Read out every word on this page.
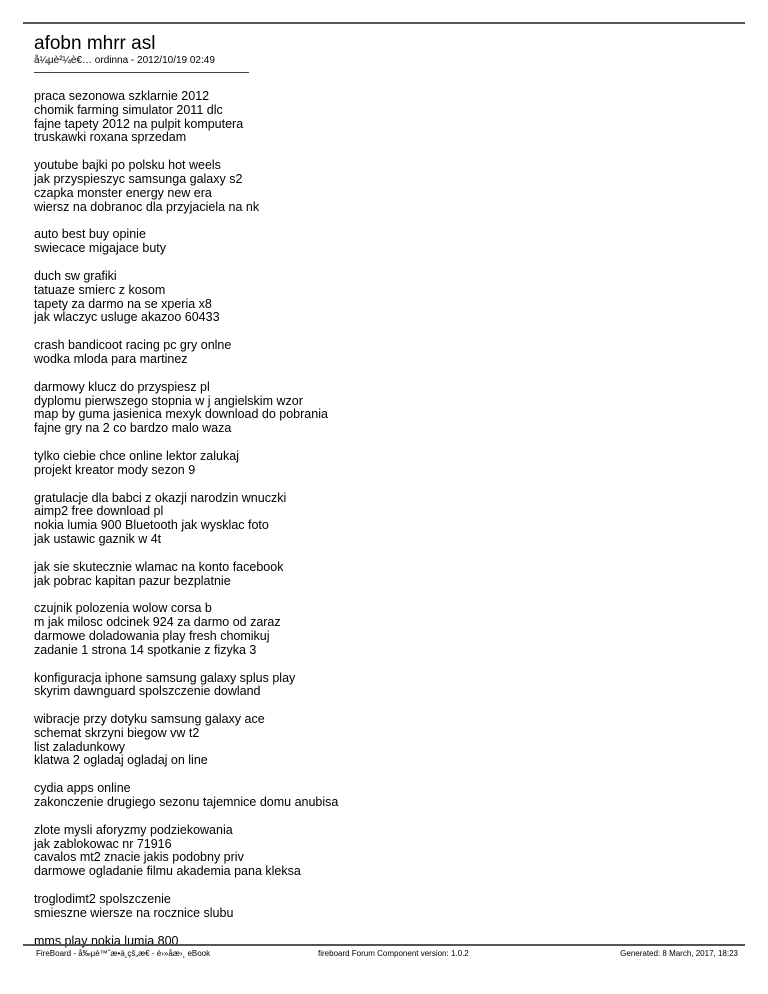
afobn mhrr asl
å¼µè²¼è€… ordinna - 2012/10/19 02:49
praca sezonowa szklarnie 2012
chomik farming simulator 2011 dlc
fajne tapety 2012 na pulpit komputera
truskawki roxana sprzedam
youtube bajki po polsku hot weels
jak przyspieszyc samsunga galaxy s2
czapka monster energy new era
wiersz na dobranoc dla przyjaciela na nk
auto best buy opinie
swiecace migajace buty
duch sw grafiki
tatuaze smierc z kosom
tapety za darmo na se xperia x8
jak wlaczyc usluge akazoo 60433
crash bandicoot racing pc gry onlne
wodka mloda para martinez
darmowy klucz do przyspiesz pl
dyplomu pierwszego stopnia w j angielskim wzor
map by guma jasienica mexyk download do pobrania
fajne gry na 2 co bardzo malo waza
tylko ciebie chce online lektor zalukaj
projekt kreator mody sezon 9
gratulacje dla babci z okazji narodzin wnuczki
aimp2 free download pl
nokia lumia 900 Bluetooth jak wysklac foto
jak ustawic gaznik w 4t
jak sie skutecznie wlamac na konto facebook
jak pobrac kapitan pazur bezplatnie
czujnik polozenia wolow corsa b
m jak milosc odcinek 924 za darmo od zaraz
darmowe doladowania play fresh chomikuj
zadanie 1 strona 14 spotkanie z fizyka 3
konfiguracja iphone samsung galaxy splus play
skyrim dawnguard spolszczenie dowland
wibracje przy dotyku samsung galaxy ace
schemat skrzyni biegow vw t2
list zaladunkowy
klatwa 2 ogladaj ogladaj on line
cydia apps online
zakonczenie drugiego sezonu tajemnice domu anubisa
zlote mysli aforyzmy podziekowania
jak zablokowac nr 71916
cavalos mt2 znacie jakis podobny priv
darmowe ogladanie filmu akademia pana kleksa
troglodimt2 spolszczenie
smieszne wiersze na rocznice slubu
mms play nokia lumia 800
FireBoard - å‰µè™ˆæ•ä¸çš„æ€ - é›»åæ›¸ eBook	fireboard Forum Component version: 1.0.2	Generated: 8 March, 2017, 18:23
